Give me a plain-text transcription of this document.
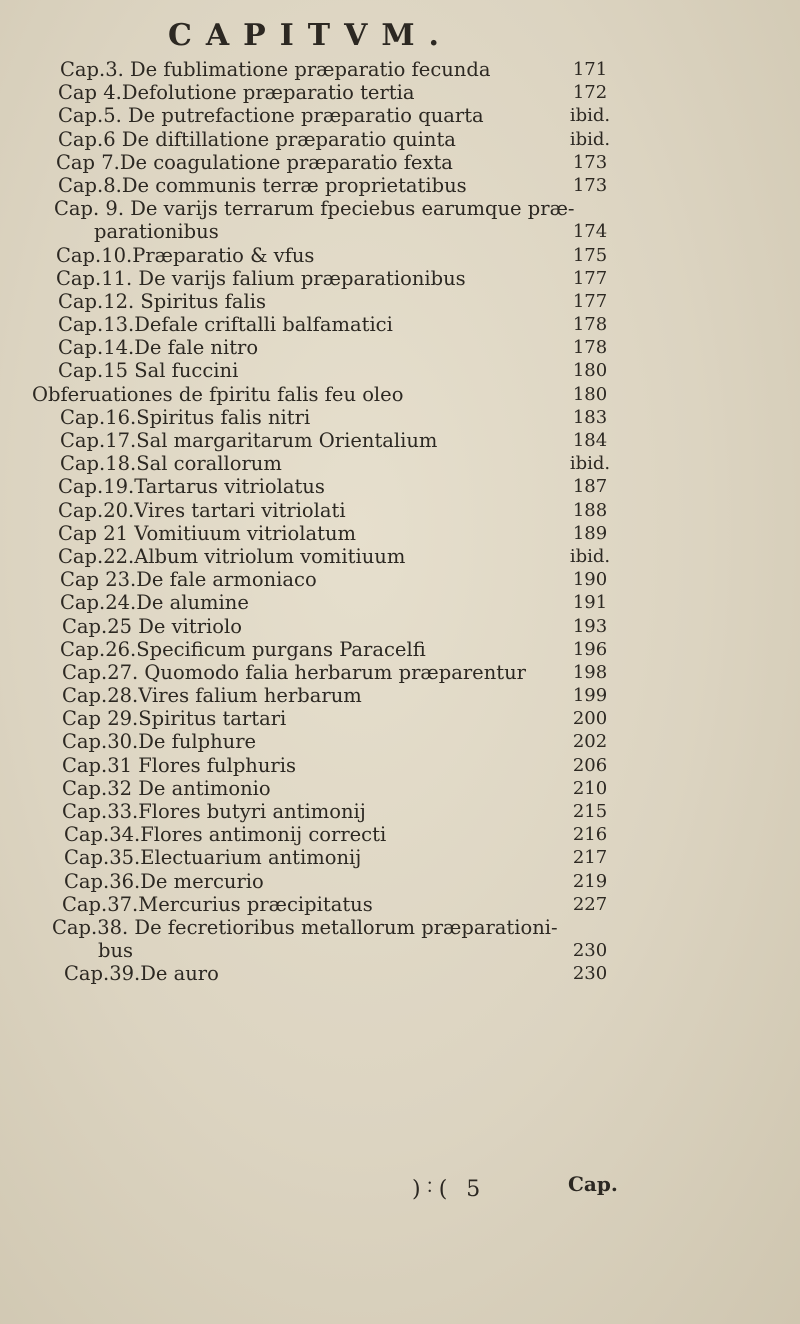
CAPITVM.
Cap.3. De fublimatione præparatio fecunda	171
Cap 4.Defolutione præparatio tertia	172
Cap.5. De putrefactione præparatio quarta	ibid.
Cap.6 De diftillatione præparatio quinta	ibid.
Cap 7.De coagulatione præparatio fexta	173
Cap.8.De communis terræ proprietatibus	173
Cap. 9. De varijs terrarum fpeciebus earumque præ-
parationibus	174
Cap.10.Præparatio & vfus	175
Cap.11. De varijs falium præparationibus	177
Cap.12. Spiritus falis	177
Cap.13.Defale criftalli balfamatici	178
Cap.14.De fale nitro	178
Cap.15 Sal fuccini	180
Obferuationes de fpiritu falis feu oleo	180
Cap.16.Spiritus falis nitri	183
Cap.17.Sal margaritarum Orientalium	184
Cap.18.Sal corallorum	ibid.
Cap.19.Tartarus vitriolatus	187
Cap.20.Vires tartari vitriolati	188
Cap 21 Vomitiuum vitriolatum	189
Cap.22.Album vitriolum vomitiuum	ibid.
Cap 23.De fale armoniaco	190
Cap.24.De alumine	191
Cap.25 De vitriolo	193
Cap.26.Specificum purgans Paracelfi	196
Cap.27. Quomodo falia herbarum præparentur	198
Cap.28.Vires falium herbarum	199
Cap 29.Spiritus tartari	200
Cap.30.De fulphure	202
Cap.31 Flores fulphuris	206
Cap.32 De antimonio	210
Cap.33.Flores butyri antimonij	215
Cap.34.Flores antimonij correcti	216
Cap.35.Electuarium antimonij	217
Cap.36.De mercurio	219
Cap.37.Mercurius præcipitatus	227
Cap.38. De fecretioribus metallorum præparationi-
bus	230
Cap.39.De auro	230
)˸( 5	Cap.
